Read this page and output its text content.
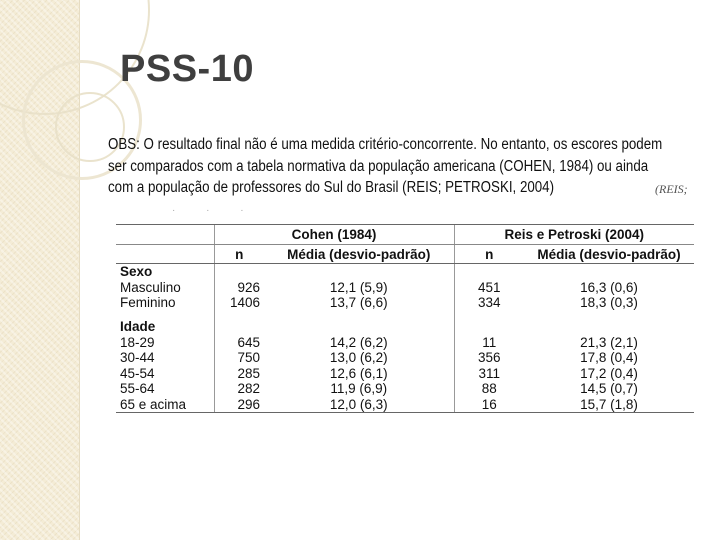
PSS-10
OBS: O resultado final não é uma medida critério-concorrente. No entanto, os escores podem
ser comparados com a tabela normativa da população americana (COHEN, 1984) ou ainda
com a população de professores do Sul do Brasil (REIS; PETROSKI, 2004)	(REIS;
· · ·
	Cohen (1984)		Reis e Petroski (2004)	
	n	Média (desvio-padrão)	n	Média (desvio-padrão)
Sexo				
Masculino	926	12,1 (5,9)	451	16,3 (0,6)
Feminino	1406	13,7 (6,6)	334	18,3 (0,3)

Idade				
18-29	645	14,2 (6,2)	11	21,3 (2,1)
30-44	750	13,0 (6,2)	356	17,8 (0,4)
45-54	285	12,6 (6,1)	311	17,2 (0,4)
55-64	282	11,9 (6,9)	88	14,5 (0,7)
65 e acima	296	12,0 (6,3)	16	15,7 (1,8)
